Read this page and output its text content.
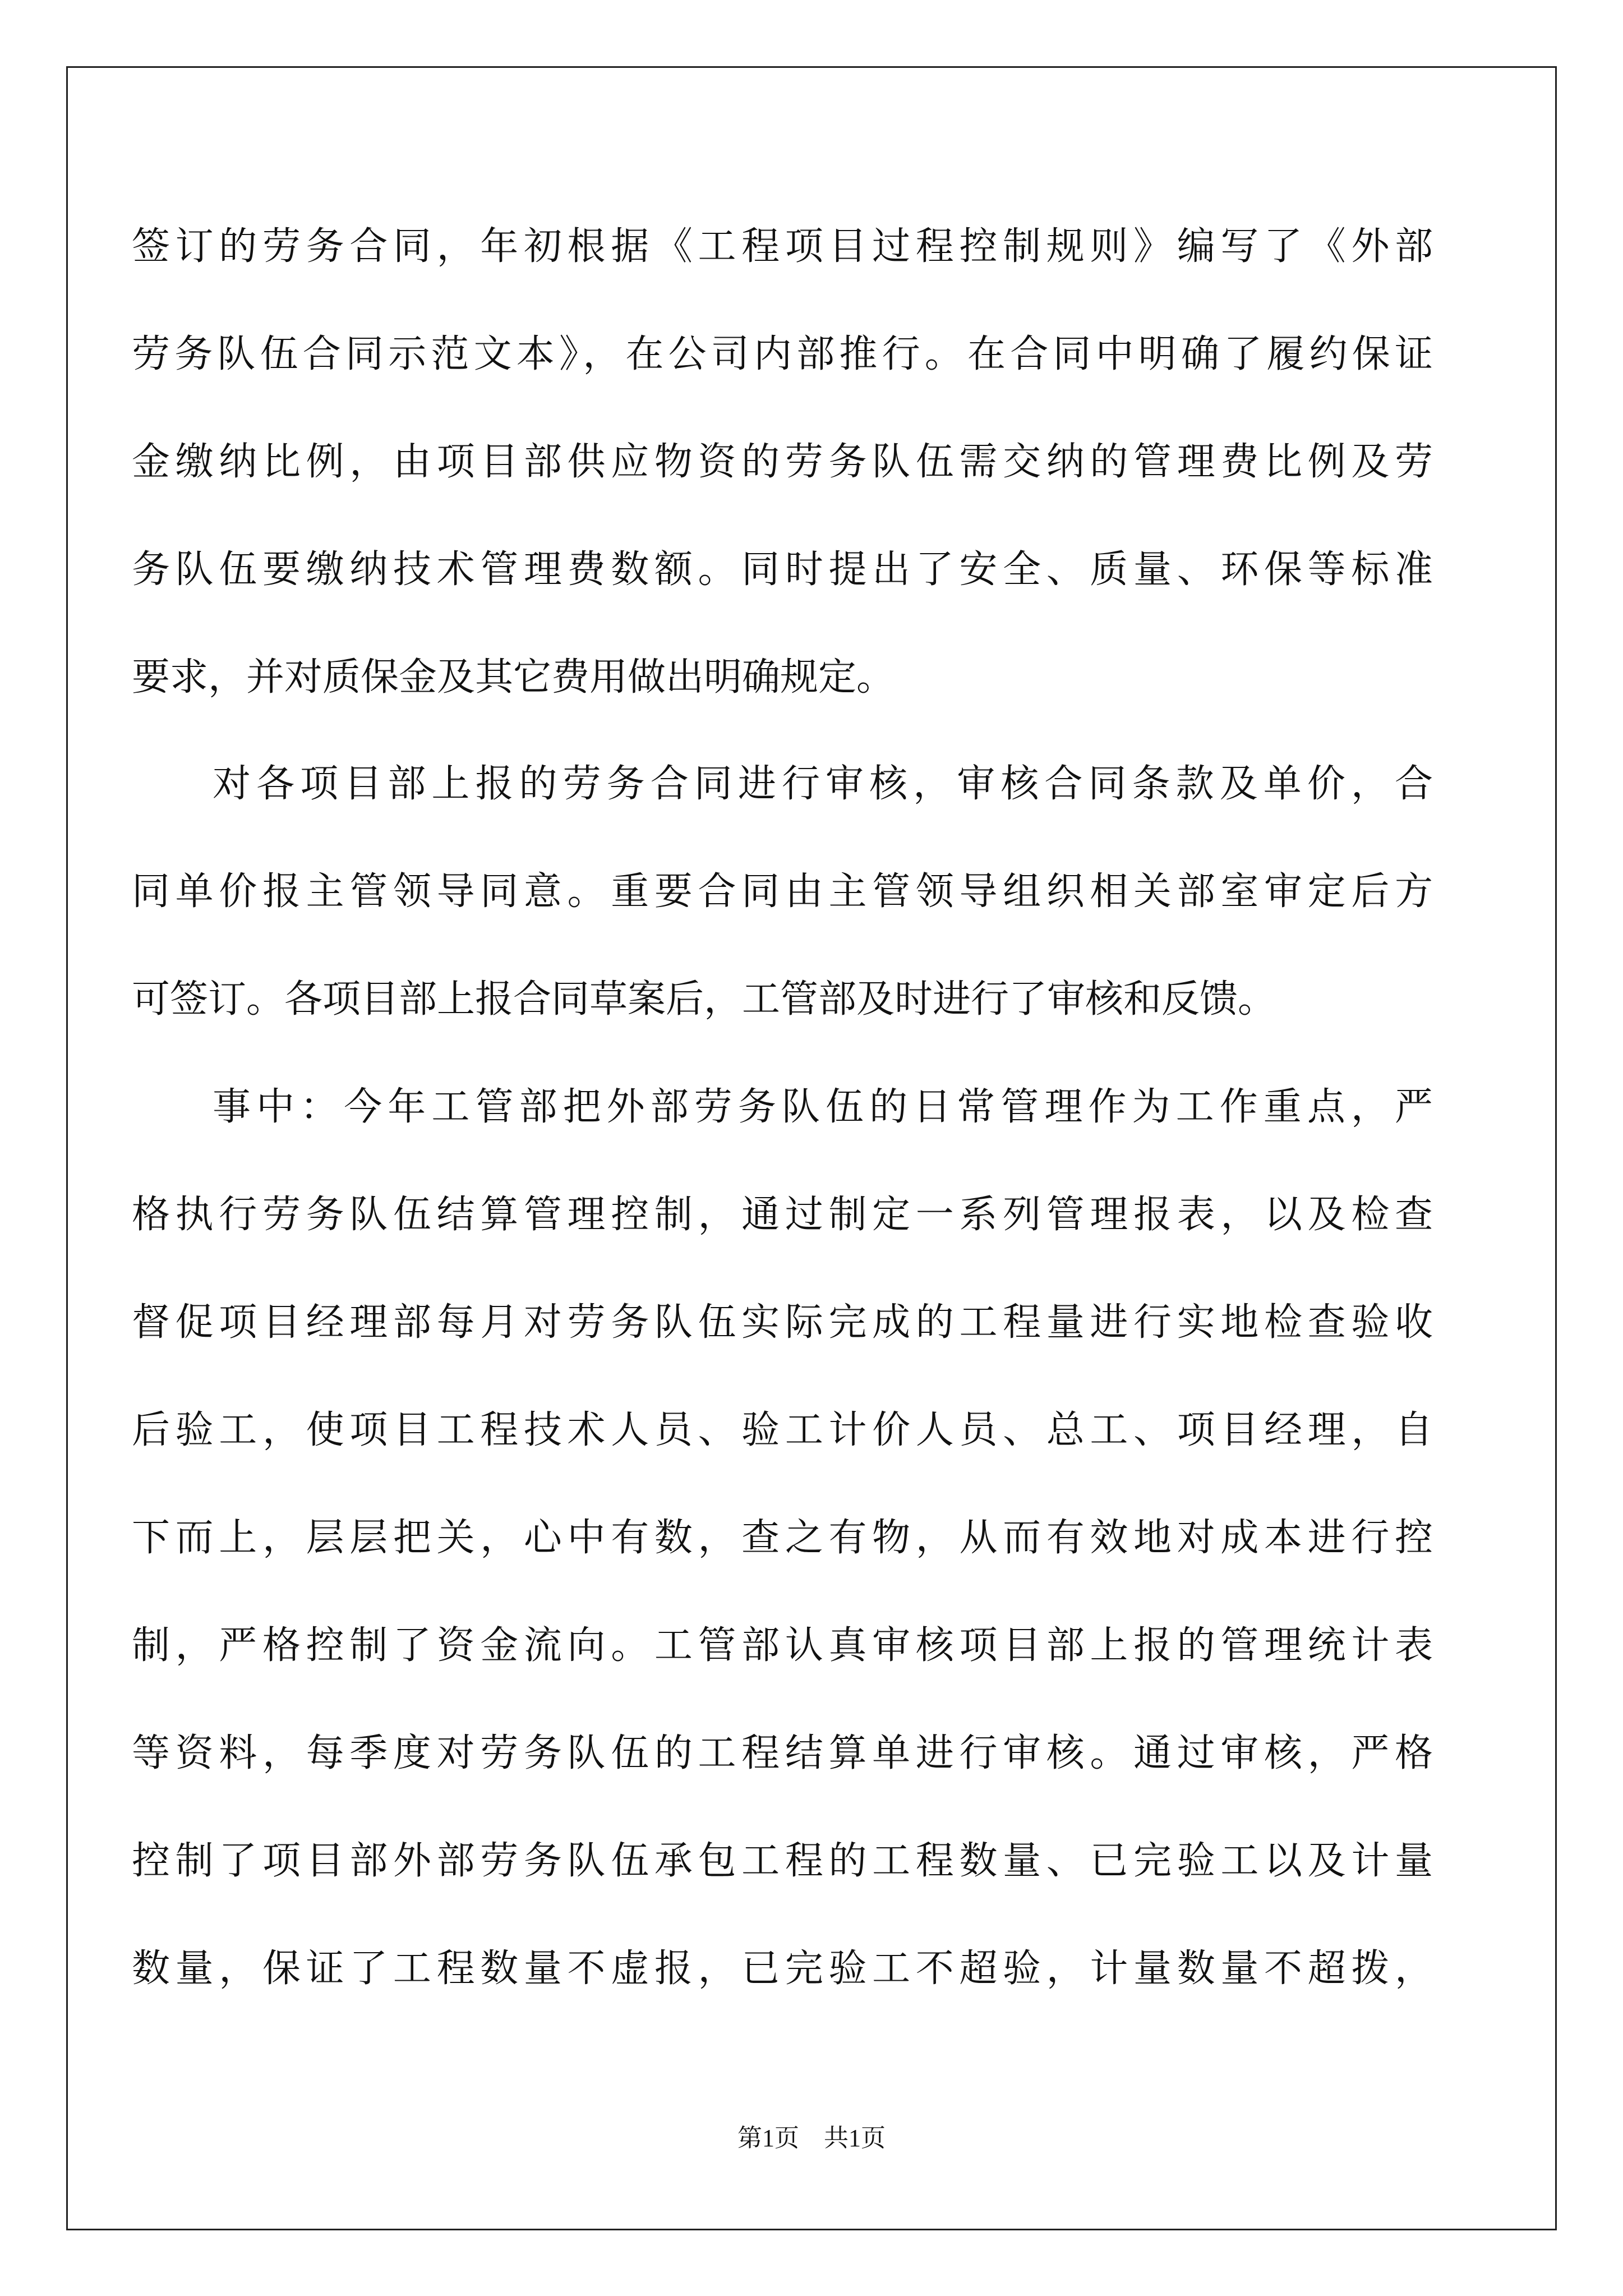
签订的劳务合同，年初根据《工程项目过程控制规则》编写了《外部
劳务队伍合同示范文本》，在公司内部推行。在合同中明确了履约保证
金缴纳比例，由项目部供应物资的劳务队伍需交纳的管理费比例及劳
务队伍要缴纳技术管理费数额。同时提出了安全、质量、环保等标准
要求，并对质保金及其它费用做出明确规定。
对各项目部上报的劳务合同进行审核，审核合同条款及单价，合
同单价报主管领导同意。重要合同由主管领导组织相关部室审定后方
可签订。各项目部上报合同草案后，工管部及时进行了审核和反馈。
事中：今年工管部把外部劳务队伍的日常管理作为工作重点，严
格执行劳务队伍结算管理控制，通过制定一系列管理报表，以及检查
督促项目经理部每月对劳务队伍实际完成的工程量进行实地检查验收
后验工，使项目工程技术人员、验工计价人员、总工、项目经理，自
下而上，层层把关，心中有数，查之有物，从而有效地对成本进行控
制，严格控制了资金流向。工管部认真审核项目部上报的管理统计表
等资料，每季度对劳务队伍的工程结算单进行审核。通过审核，严格
控制了项目部外部劳务队伍承包工程的工程数量、已完验工以及计量
数量，保证了工程数量不虚报，已完验工不超验，计量数量不超拨，
第1页 共1页
